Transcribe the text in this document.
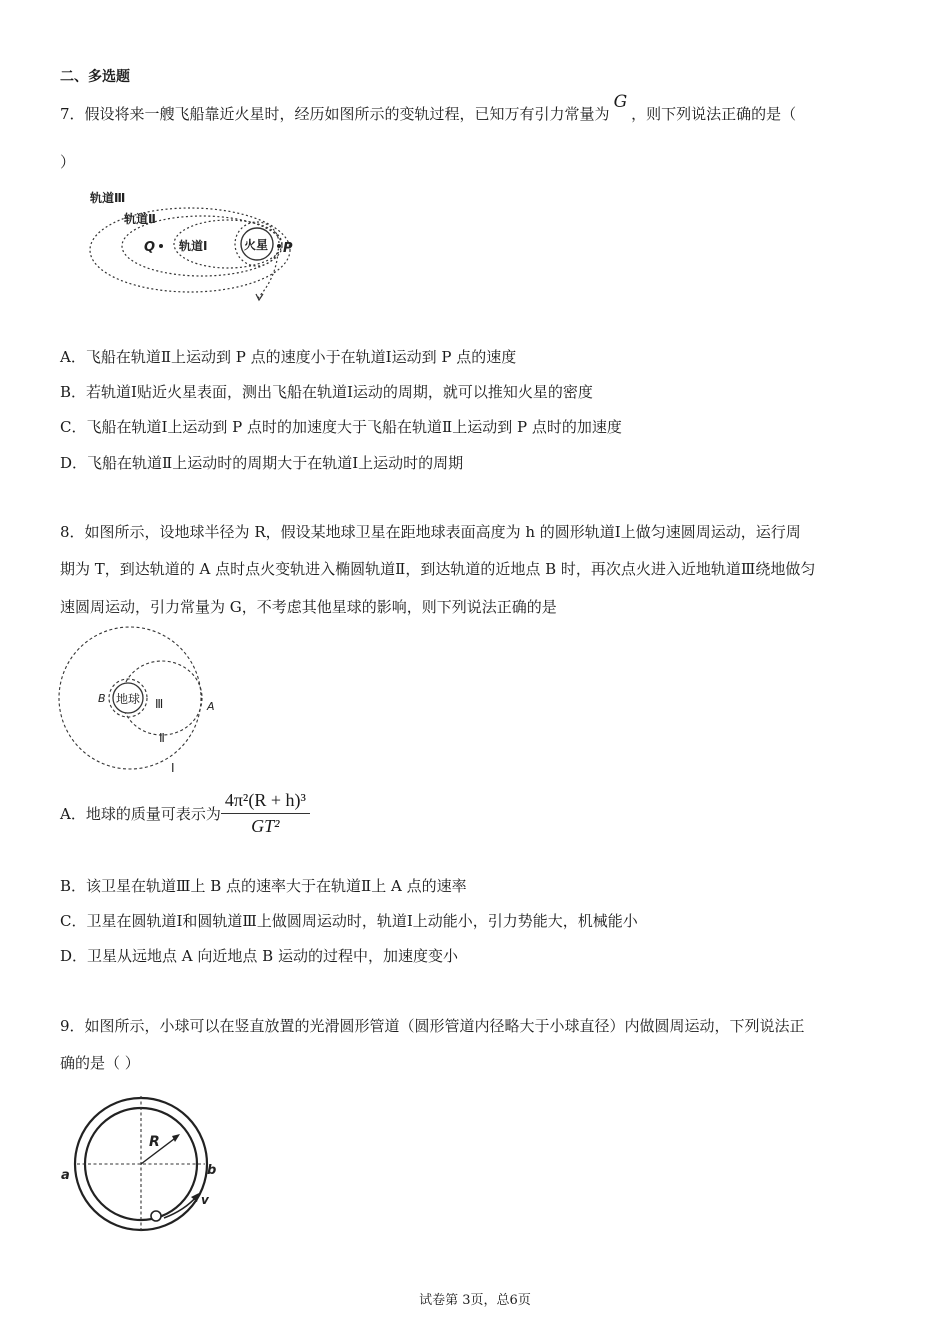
二、多选题
7．假设将来一艘飞船靠近火星时，经历如图所示的变轨过程，已知万有引力常量为G，则下列说法正确的是（
）
轨道Ⅲ
轨道Ⅱ
轨道Ⅰ	火星
Q	P
A．飞船在轨道Ⅱ上运动到 P 点的速度小于在轨道Ⅰ运动到 P 点的速度
B．若轨道Ⅰ贴近火星表面，测出飞船在轨道Ⅰ运动的周期，就可以推知火星的密度
C．飞船在轨道Ⅰ上运动到 P 点时的加速度大于飞船在轨道Ⅱ上运动到 P 点时的加速度
D．飞船在轨道Ⅱ上运动时的周期大于在轨道Ⅰ上运动时的周期
8．如图所示，设地球半径为 R，假设某地球卫星在距地球表面高度为 h 的圆形轨道Ⅰ上做匀速圆周运动，运行周
期为 T，到达轨道的 A 点时点火变轨进入椭圆轨道Ⅱ，到达轨道的近地点 B 时，再次点火进入近地轨道Ⅲ绕地做匀
速圆周运动，引力常量为 G，不考虑其他星球的影响，则下列说法正确的是
地球
B
A
Ⅲ
Ⅱ
Ⅰ
A．地球的质量可表示为 $\frac{\text{4π²(R + h)³}}{\text{GT²}}$
B．该卫星在轨道Ⅲ上 B 点的速率大于在轨道Ⅱ上 A 点的速率
C．卫星在圆轨道Ⅰ和圆轨道Ⅲ上做圆周运动时，轨道Ⅰ上动能小，引力势能大，机械能小
D．卫星从远地点 A 向近地点 B 运动的过程中，加速度变小
9．如图所示，小球可以在竖直放置的光滑圆形管道（圆形管道内径略大于小球直径）内做圆周运动，下列说法正
确的是（ ）
R
a	b
v
试卷第 3页，总6页
